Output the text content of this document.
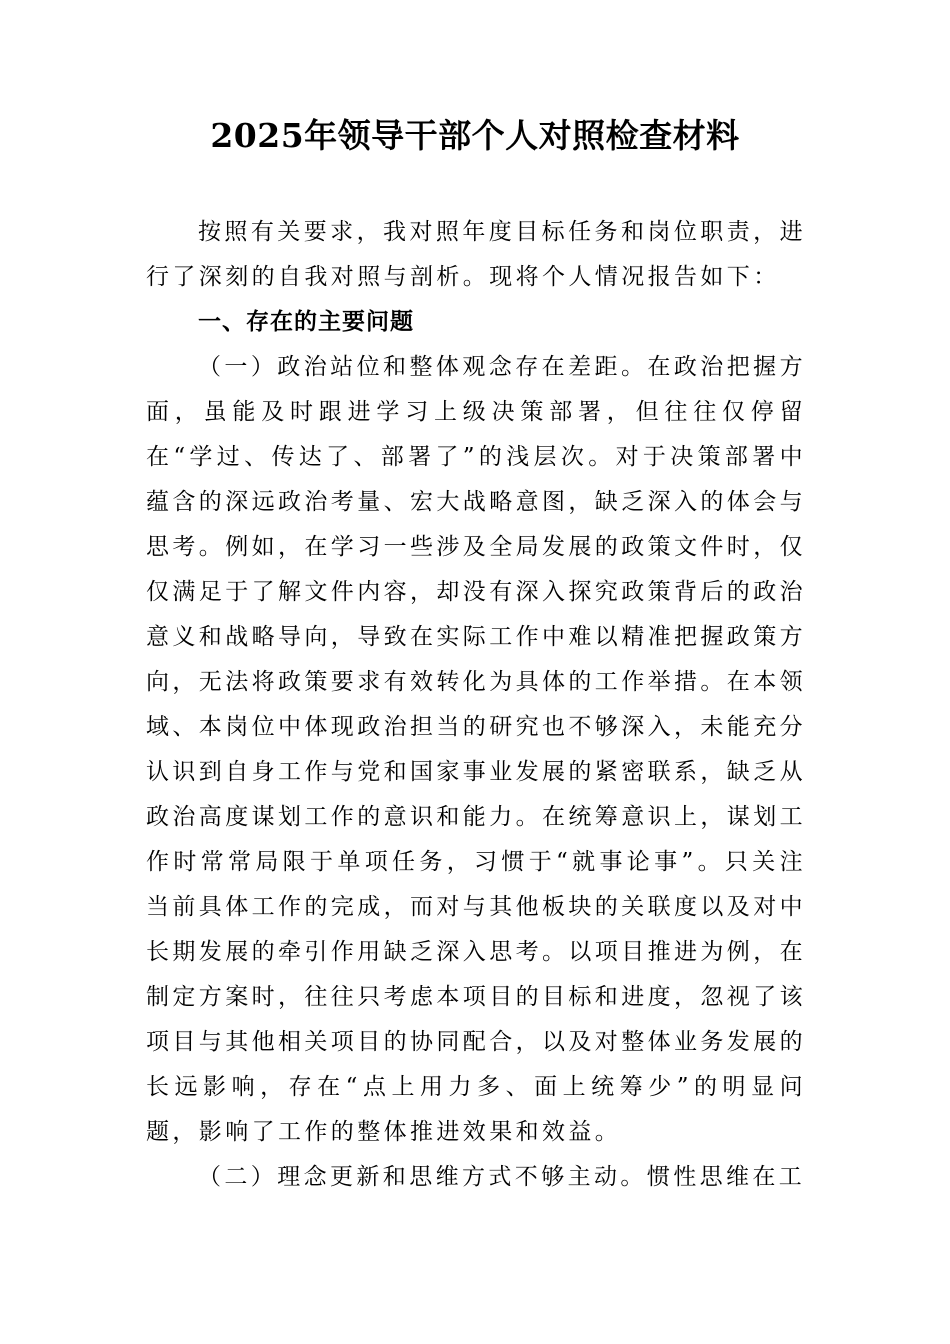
2025年领导干部个人对照检查材料

按照有关要求，我对照年度目标任务和岗位职责，进行了深刻的自我对照与剖析。现将个人情况报告如下：

一、存在的主要问题

（一）政治站位和整体观念存在差距。在政治把握方面，虽能及时跟进学习上级决策部署，但往往仅停留在“学过、传达了、部署了”的浅层次。对于决策部署中蕴含的深远政治考量、宏大战略意图，缺乏深入的体会与思考。例如，在学习一些涉及全局发展的政策文件时，仅仅满足于了解文件内容，却没有深入探究政策背后的政治意义和战略导向，导致在实际工作中难以精准把握政策方向，无法将政策要求有效转化为具体的工作举措。在本领域、本岗位中体现政治担当的研究也不够深入，未能充分认识到自身工作与党和国家事业发展的紧密联系，缺乏从政治高度谋划工作的意识和能力。在统筹意识上，谋划工作时常常局限于单项任务，习惯于“就事论事”。只关注当前具体工作的完成，而对与其他板块的关联度以及对中长期发展的牵引作用缺乏深入思考。以项目推进为例，在制定方案时，往往只考虑本项目的目标和进度，忽视了该项目与其他相关项目的协同配合，以及对整体业务发展的长远影响，存在“点上用力多、面上统筹少”的明显问题，影响了工作的整体推进效果和效益。

（二）理念更新和思维方式不够主动。惯性思维在工
